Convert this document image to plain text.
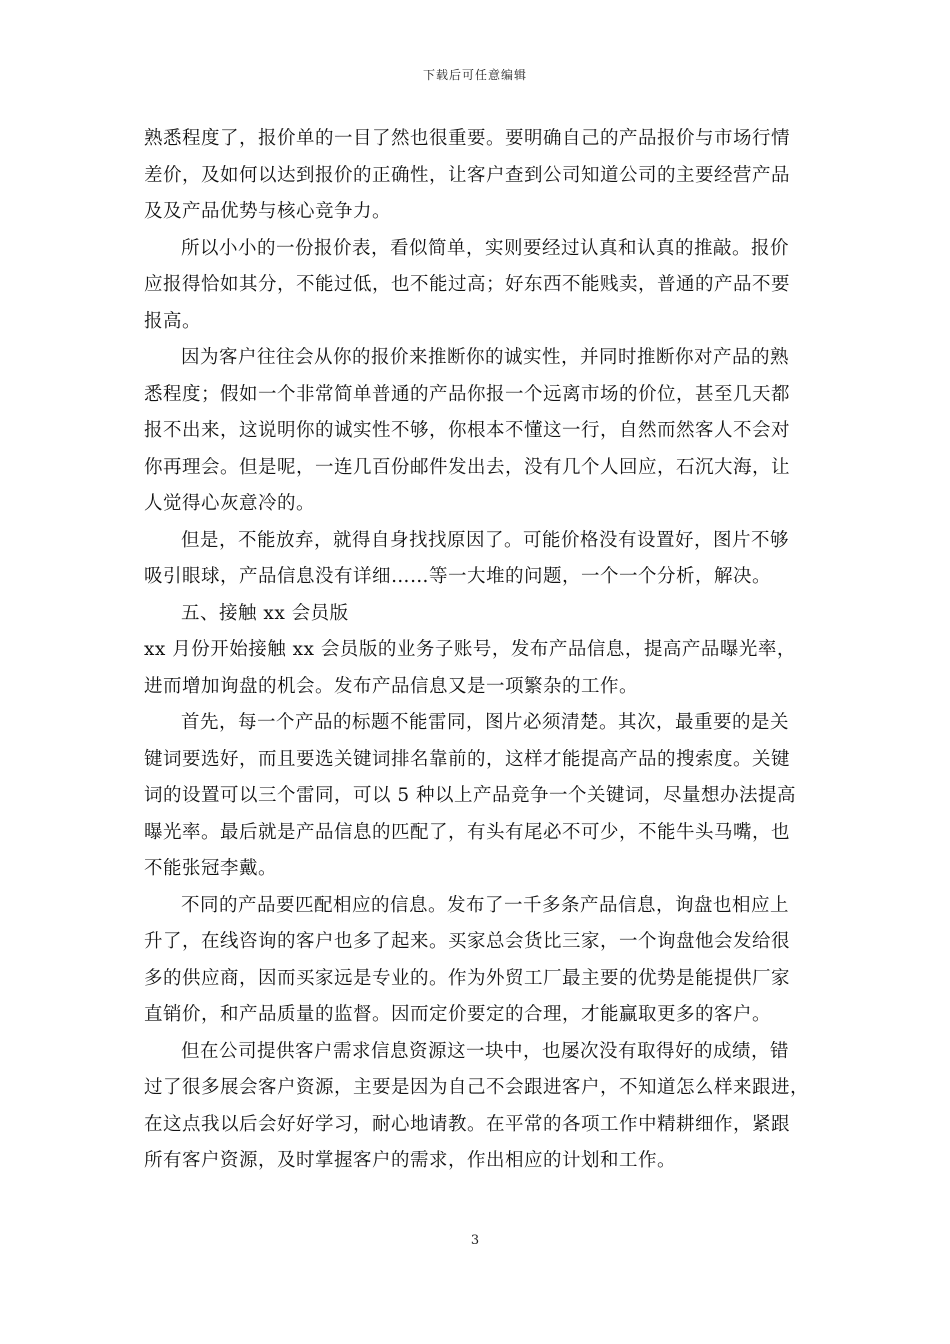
下载后可任意编辑
熟悉程度了，报价单的一目了然也很重要。要明确自己的产品报价与市场行情
差价，及如何以达到报价的正确性，让客户查到公司知道公司的主要经营产品
及及产品优势与核心竞争力。
所以小小的一份报价表，看似简单，实则要经过认真和认真的推敲。报价
应报得恰如其分，不能过低，也不能过高；好东西不能贱卖，普通的产品不要
报高。
因为客户往往会从你的报价来推断你的诚实性，并同时推断你对产品的熟
悉程度；假如一个非常简单普通的产品你报一个远离市场的价位，甚至几天都
报不出来，这说明你的诚实性不够，你根本不懂这一行，自然而然客人不会对
你再理会。但是呢，一连几百份邮件发出去，没有几个人回应，石沉大海，让
人觉得心灰意冷的。
但是，不能放弃，就得自身找找原因了。可能价格没有设置好，图片不够
吸引眼球，产品信息没有详细……等一大堆的问题，一个一个分析，解决。
五、接触 xx 会员版
xx 月份开始接触 xx 会员版的业务子账号，发布产品信息，提高产品曝光率，
进而增加询盘的机会。发布产品信息又是一项繁杂的工作。
首先，每一个产品的标题不能雷同，图片必须清楚。其次，最重要的是关
键词要选好，而且要选关键词排名靠前的，这样才能提高产品的搜索度。关键
词的设置可以三个雷同，可以 5 种以上产品竞争一个关键词，尽量想办法提高
曝光率。最后就是产品信息的匹配了，有头有尾必不可少，不能牛头马嘴，也
不能张冠李戴。
不同的产品要匹配相应的信息。发布了一千多条产品信息，询盘也相应上
升了，在线咨询的客户也多了起来。买家总会货比三家，一个询盘他会发给很
多的供应商，因而买家远是专业的。作为外贸工厂最主要的优势是能提供厂家
直销价，和产品质量的监督。因而定价要定的合理，才能赢取更多的客户。
但在公司提供客户需求信息资源这一块中，也屡次没有取得好的成绩，错
过了很多展会客户资源，主要是因为自己不会跟进客户，不知道怎么样来跟进，
在这点我以后会好好学习，耐心地请教。在平常的各项工作中精耕细作，紧跟
所有客户资源，及时掌握客户的需求，作出相应的计划和工作。
3
